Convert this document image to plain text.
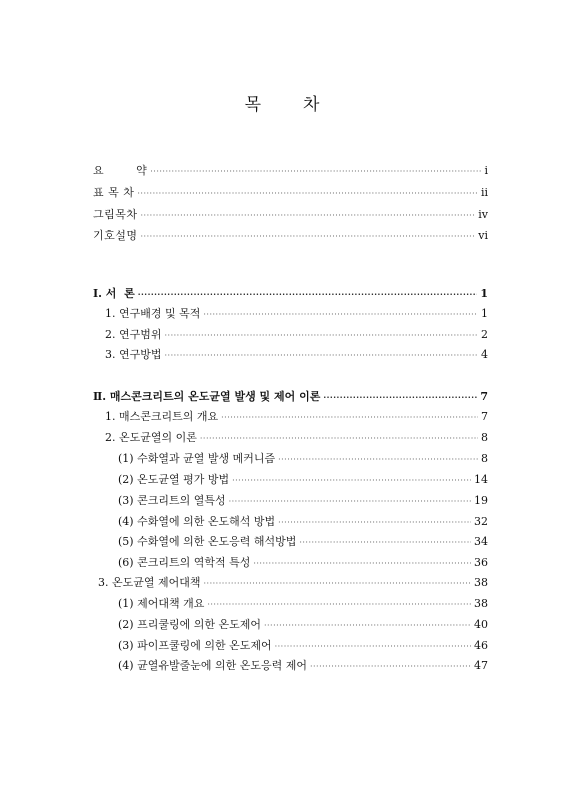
목 차
요        약 ·····	i
표 목 차 ·····	ii
그림목차 ·····	iv
기호설명 ·····	vi
Ⅰ. 서  론 ·····	1
1. 연구배경 및 목적 ·····	1
2. 연구범위 ·····	2
3. 연구방법 ·····	4
Ⅱ. 매스콘크리트의 온도균열 발생 및 제어 이론 ·····	7
1. 매스콘크리트의 개요 ·····	7
2. 온도균열의 이론 ·····	8
(1) 수화열과 균열 발생 메커니즘 ·····	8
(2) 온도균열 평가 방법 ·····	14
(3) 콘크리트의 열특성 ·····	19
(4) 수화열에 의한 온도해석 방법 ·····	32
(5) 수화열에 의한 온도응력 해석방법 ·····	34
(6) 콘크리트의 역학적 특성 ·····	36
3. 온도균열 제어대책 ·····	38
(1) 제어대책 개요 ·····	38
(2) 프리쿨링에 의한 온도제어 ·····	40
(3) 파이프쿨링에 의한 온도제어 ·····	46
(4) 균열유발줄눈에 의한 온도응력 제어 ·····	47
